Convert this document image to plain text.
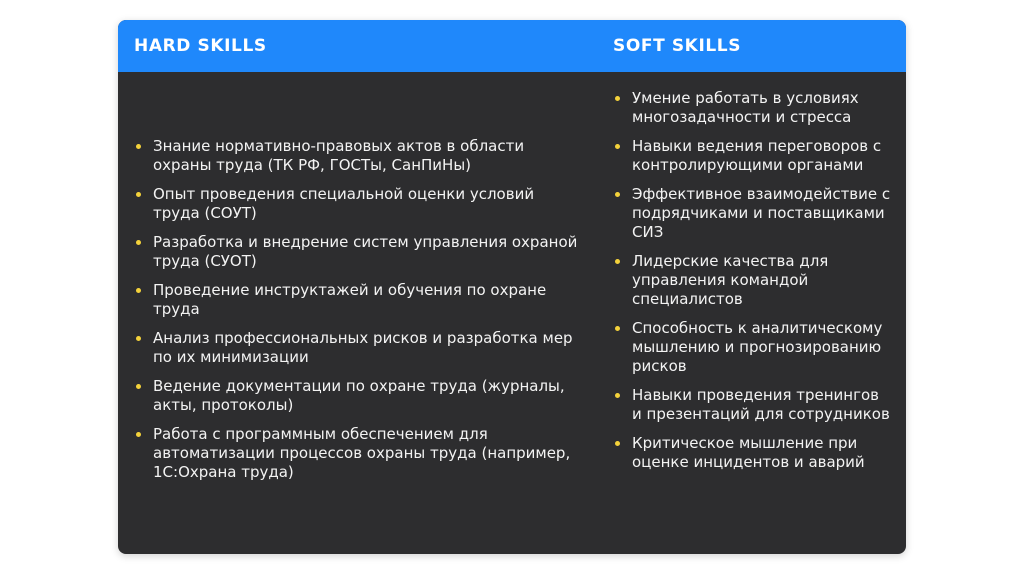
HARD SKILLS	SOFT SKILLS
Знание нормативно-правовых актов в области охраны труда (ТК РФ, ГОСТы, СанПиНы)
Опыт проведения специальной оценки условий труда (СОУТ)
Разработка и внедрение систем управления охраной труда (СУОТ)
Проведение инструктажей и обучения по охране труда
Анализ профессиональных рисков и разработка мер по их минимизации
Ведение документации по охране труда (журналы, акты, протоколы)
Работа с программным обеспечением для автоматизации процессов охраны труда (например, 1С:Охрана труда)
Умение работать в условиях многозадачности и стресса
Навыки ведения переговоров с контролирующими органами
Эффективное взаимодействие с подрядчиками и поставщиками СИЗ
Лидерские качества для управления командой специалистов
Способность к аналитическому мышлению и прогнозированию рисков
Навыки проведения тренингов и презентаций для сотрудников
Критическое мышление при оценке инцидентов и аварий
